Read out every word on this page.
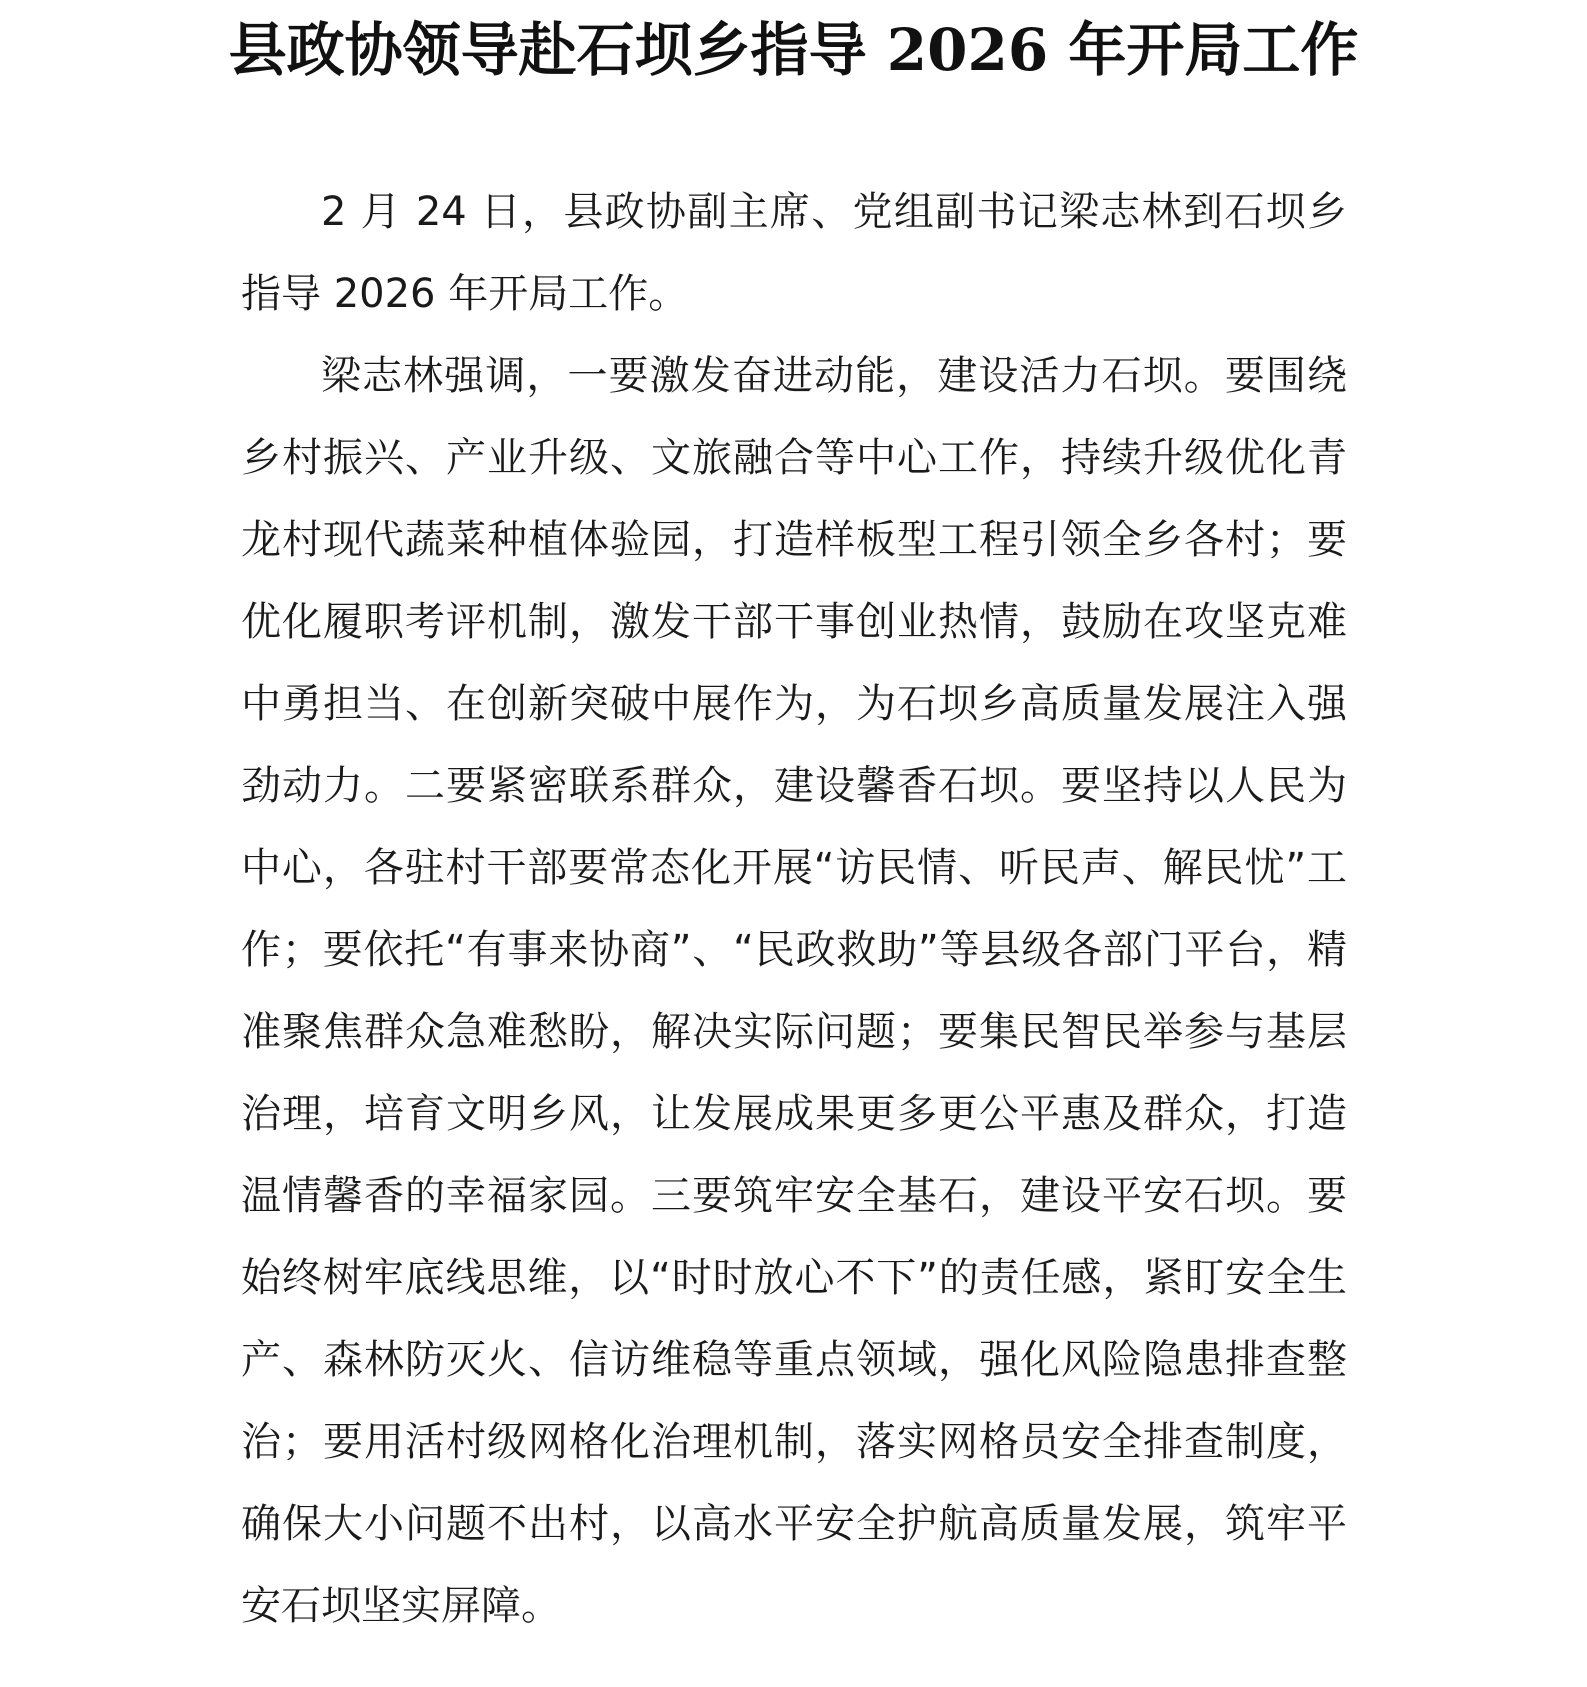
县政协领导赴石坝乡指导 2026 年开局工作

2 月 24 日，县政协副主席、党组副书记梁志林到石坝乡指导 2026 年开局工作。

梁志林强调，一要激发奋进动能，建设活力石坝。要围绕乡村振兴、产业升级、文旅融合等中心工作，持续升级优化青龙村现代蔬菜种植体验园，打造样板型工程引领全乡各村；要优化履职考评机制，激发干部干事创业热情，鼓励在攻坚克难中勇担当、在创新突破中展作为，为石坝乡高质量发展注入强劲动力。二要紧密联系群众，建设馨香石坝。要坚持以人民为中心，各驻村干部要常态化开展“访民情、听民声、解民忧”工作；要依托“有事来协商”、“民政救助”等县级各部门平台，精准聚焦群众急难愁盼，解决实际问题；要集民智民举参与基层治理，培育文明乡风，让发展成果更多更公平惠及群众，打造温情馨香的幸福家园。三要筑牢安全基石，建设平安石坝。要始终树牢底线思维，以“时时放心不下”的责任感，紧盯安全生产、森林防灭火、信访维稳等重点领域，强化风险隐患排查整治；要用活村级网格化治理机制，落实网格员安全排查制度，确保大小问题不出村，以高水平安全护航高质量发展，筑牢平安石坝坚实屏障。
